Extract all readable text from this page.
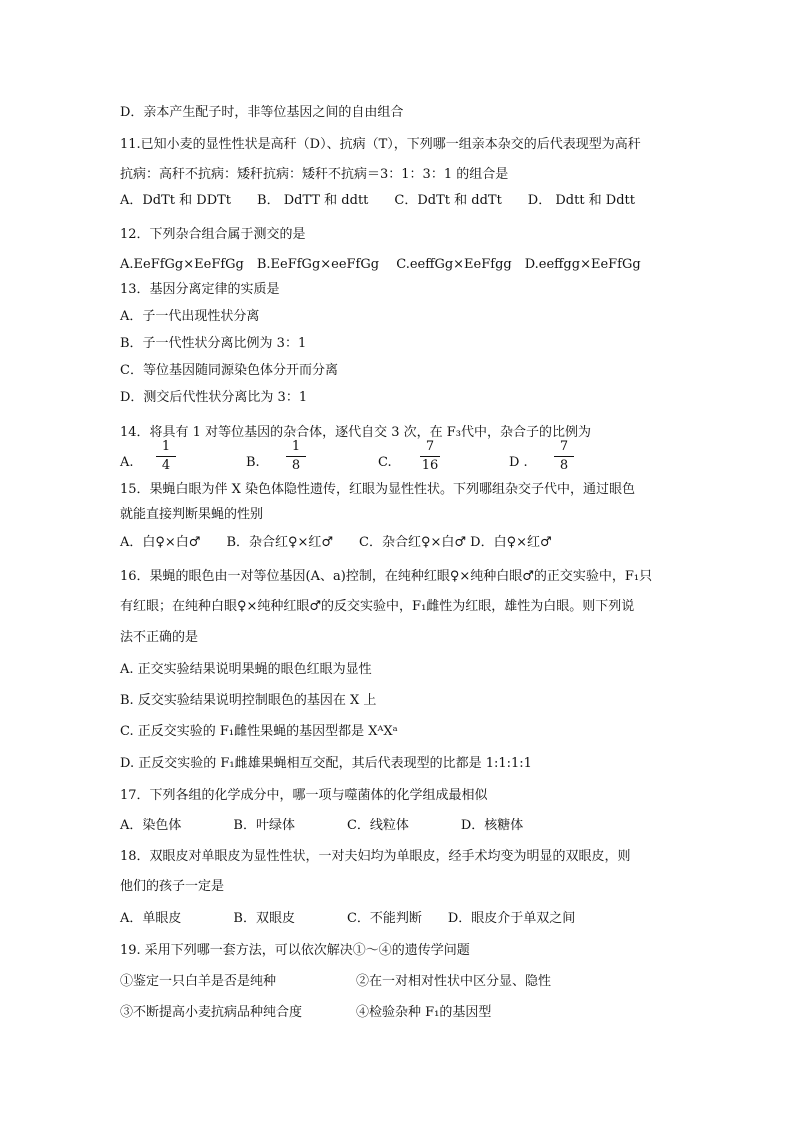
D．亲本产生配子时，非等位基因之间的自由组合
11.已知小麦的显性性状是高秆（D）、抗病（T），下列哪一组亲本杂交的后代表现型为高秆
抗病：高秆不抗病：矮秆抗病：矮秆不抗病＝3：1：3：1 的组合是
A．DdTt 和 DDTt　　B． DdTT 和 ddtt　　C．DdTt 和 ddTt　　D． Ddtt 和 Ddtt
12．下列杂合组合属于测交的是
A.EeFfGg×EeFfGg　B.EeFfGg×eeFfGg　 C.eeffGg×EeFfgg　D.eeffgg×EeFfGg
13．基因分离定律的实质是
A．子一代出现性状分离
B．子一代性状分离比例为 3：1
C．等位基因随同源染色体分开而分离
D．测交后代性状分离比为 3：1
14．将具有 1 对等位基因的杂合体，逐代自交 3 次，在 F₃代中，杂合子的比例为
A.
1
4	B.
1
8	C.
7
16	D .
7
8
15．果蝇白眼为伴 X 染色体隐性遗传，红眼为显性性状。下列哪组杂交子代中，通过眼色
就能直接判断果蝇的性别
A．白♀×白♂　　B．杂合红♀×红♂　　C．杂合红♀×白♂ D．白♀×红♂
16．果蝇的眼色由一对等位基因(A、a)控制，在纯种红眼♀×纯种白眼♂的正交实验中，F₁只
有红眼；在纯种白眼♀×纯种红眼♂的反交实验中，F₁雌性为红眼，雄性为白眼。则下列说
法不正确的是
A. 正交实验结果说明果蝇的眼色红眼为显性
B. 反交实验结果说明控制眼色的基因在 X 上
C. 正反交实验的 F₁雌性果蝇的基因型都是 XᴬXᵃ
D. 正反交实验的 F₁雌雄果蝇相互交配，其后代表现型的比都是 1:1:1:1
17．下列各组的化学成分中，哪一项与噬菌体的化学组成最相似
A．染色体　　　　B．叶绿体　　　　C．线粒体　　　　D．核糖体
18．双眼皮对单眼皮为显性性状，一对夫妇均为单眼皮，经手术均变为明显的双眼皮，则
他们的孩子一定是
A．单眼皮　　　　B．双眼皮　　　　C．不能判断　　D．眼皮介于单双之间
19. 采用下列哪一套方法，可以依次解决①～④的遗传学问题
①鉴定一只白羊是否是纯种	②在一对相对性状中区分显、隐性
③不断提高小麦抗病品种纯合度	④检验杂种 F₁的基因型
